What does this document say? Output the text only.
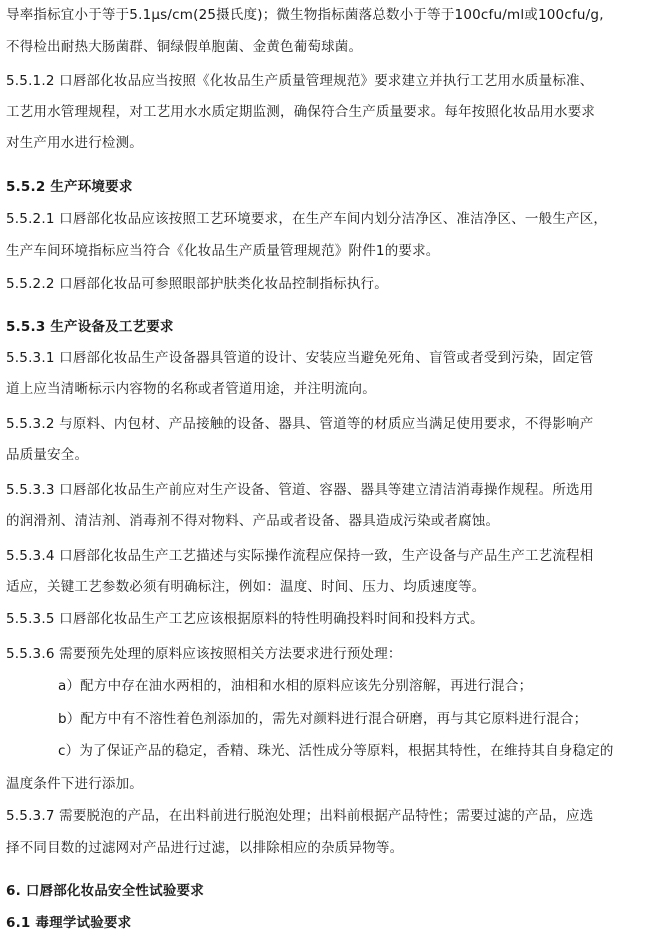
导率指标宜小于等于5.1μs/cm(25摄氏度)；微生物指标菌落总数小于等于100cfu/ml或100cfu/g,
不得检出耐热大肠菌群、铜绿假单胞菌、金黄色葡萄球菌。
5.5.1.2 口唇部化妆品应当按照《化妆品生产质量管理规范》要求建立并执行工艺用水质量标准、
工艺用水管理规程，对工艺用水水质定期监测，确保符合生产质量要求。每年按照化妆品用水要求
对生产用水进行检测。
5.5.2 生产环境要求
5.5.2.1 口唇部化妆品应该按照工艺环境要求，在生产车间内划分洁净区、准洁净区、一般生产区，
生产车间环境指标应当符合《化妆品生产质量管理规范》附件1的要求。
5.5.2.2 口唇部化妆品可参照眼部护肤类化妆品控制指标执行。
5.5.3 生产设备及工艺要求
5.5.3.1 口唇部化妆品生产设备器具管道的设计、安装应当避免死角、盲管或者受到污染，固定管
道上应当清晰标示内容物的名称或者管道用途，并注明流向。
5.5.3.2 与原料、内包材、产品接触的设备、器具、管道等的材质应当满足使用要求，不得影响产
品质量安全。
5.5.3.3 口唇部化妆品生产前应对生产设备、管道、容器、器具等建立清洁消毒操作规程。所选用
的润滑剂、清洁剂、消毒剂不得对物料、产品或者设备、器具造成污染或者腐蚀。
5.5.3.4 口唇部化妆品生产工艺描述与实际操作流程应保持一致，生产设备与产品生产工艺流程相
适应，关键工艺参数必须有明确标注，例如：温度、时间、压力、均质速度等。
5.5.3.5 口唇部化妆品生产工艺应该根据原料的特性明确投料时间和投料方式。
5.5.3.6 需要预先处理的原料应该按照相关方法要求进行预处理：
a）配方中存在油水两相的，油相和水相的原料应该先分别溶解，再进行混合；
b）配方中有不溶性着色剂添加的，需先对颜料进行混合研磨，再与其它原料进行混合；
c）为了保证产品的稳定，香精、珠光、活性成分等原料，根据其特性，在维持其自身稳定的
温度条件下进行添加。
5.5.3.7 需要脱泡的产品，在出料前进行脱泡处理；出料前根据产品特性；需要过滤的产品，应选
择不同目数的过滤网对产品进行过滤，以排除相应的杂质异物等。
6. 口唇部化妆品安全性试验要求
6.1 毒理学试验要求
